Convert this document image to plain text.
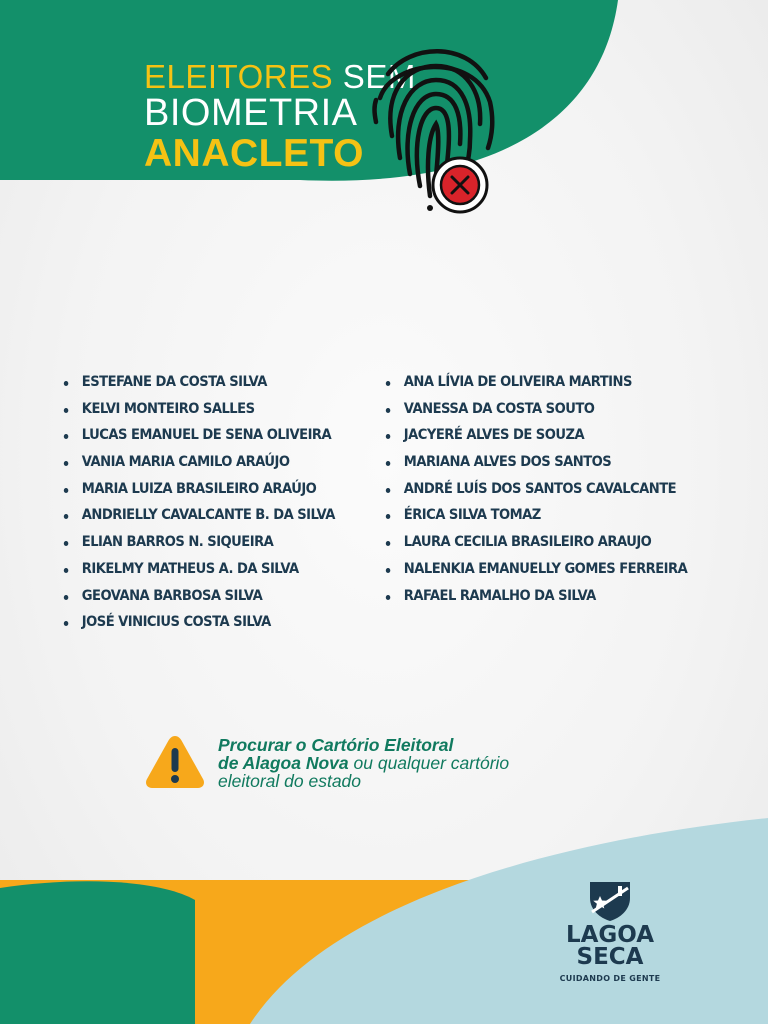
ELEITORES SEM
BIOMETRIA
ANACLETO
ESTEFANE DA COSTA SILVA
KELVI MONTEIRO SALLES
LUCAS EMANUEL DE SENA OLIVEIRA
VANIA MARIA CAMILO ARAÚJO
MARIA LUIZA BRASILEIRO ARAÚJO
ANDRIELLY CAVALCANTE B. DA SILVA
ELIAN BARROS N. SIQUEIRA
RIKELMY MATHEUS A. DA SILVA
GEOVANA BARBOSA SILVA
JOSÉ VINICIUS COSTA SILVA
ANA LÍVIA DE OLIVEIRA MARTINS
VANESSA DA COSTA SOUTO
JACYERÉ ALVES DE SOUZA
MARIANA ALVES DOS SANTOS
ANDRÉ LUÍS DOS SANTOS CAVALCANTE
ÉRICA SILVA TOMAZ
LAURA CECILIA BRASILEIRO ARAUJO
NALENKIA EMANUELLY GOMES FERREIRA
RAFAEL RAMALHO DA SILVA
Procurar o Cartório Eleitoral
de Alagoa Nova ou qualquer cartório
eleitoral do estado
LAGOA
SECA
CUIDANDO DE GENTE
